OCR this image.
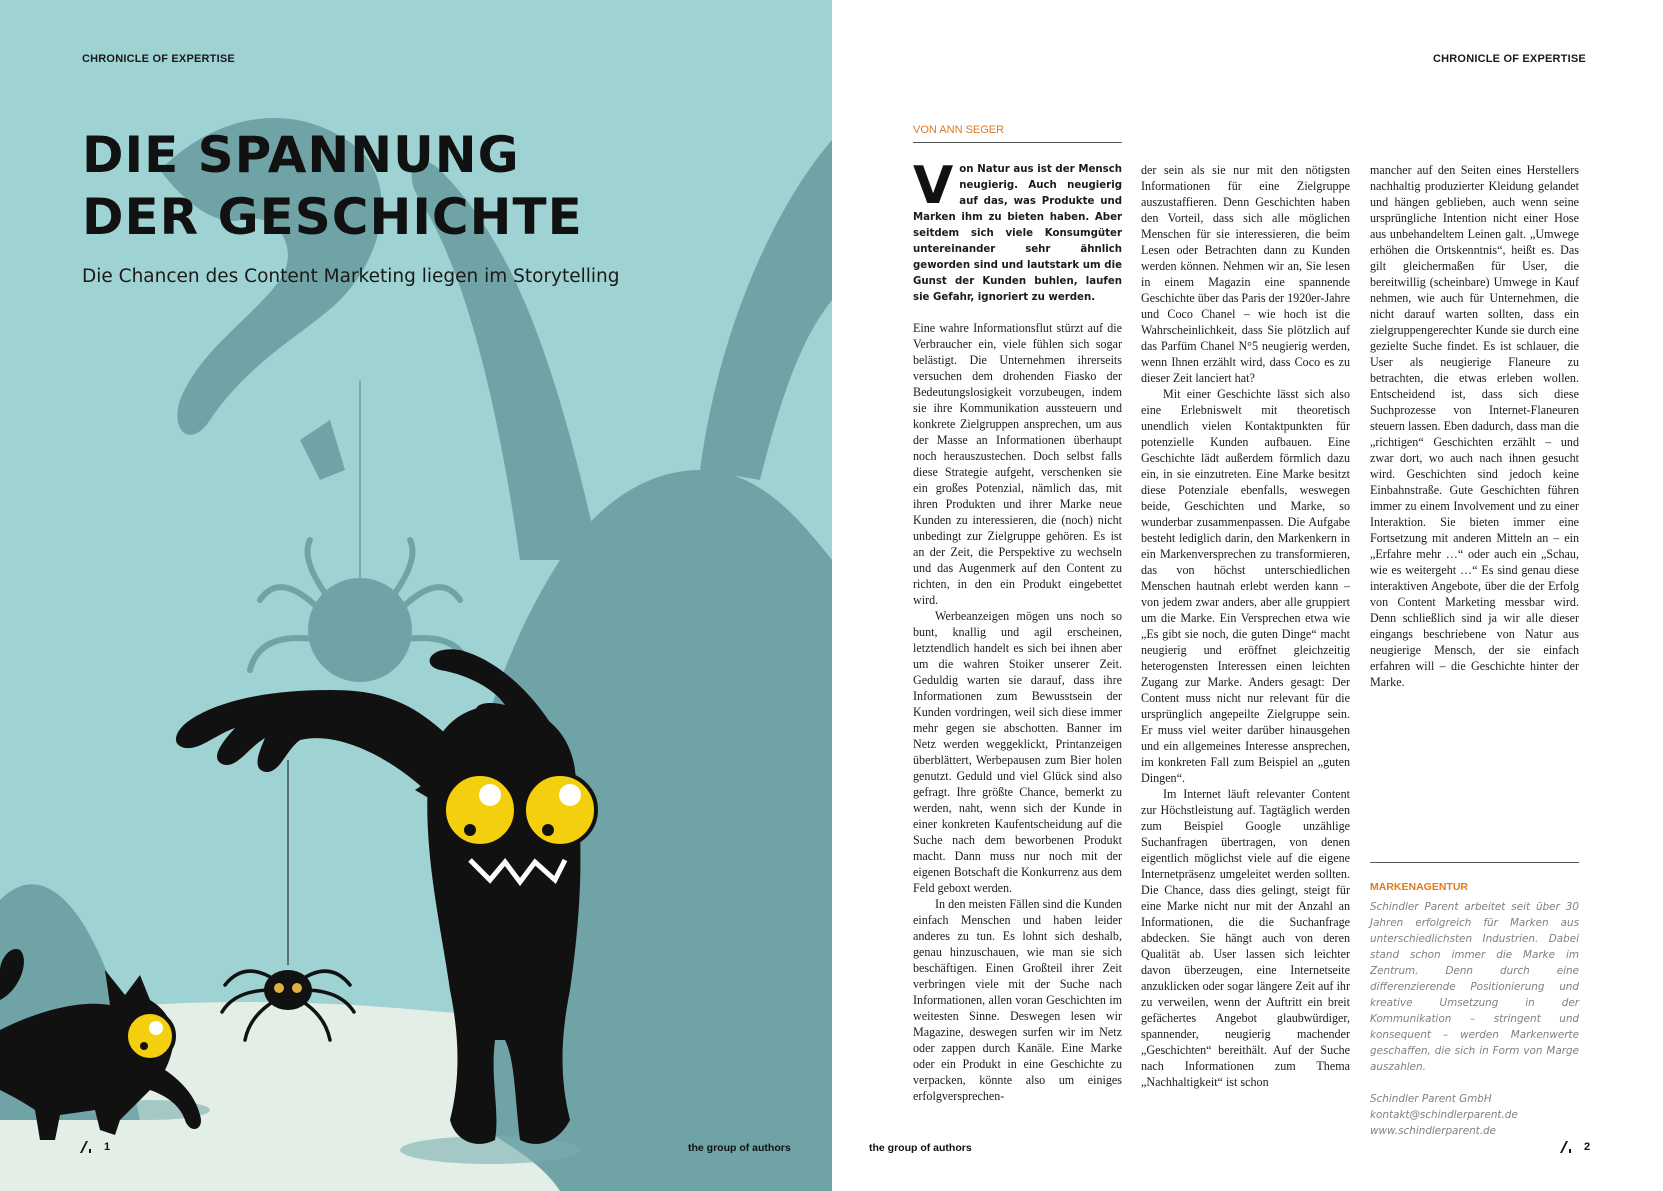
CHRONICLE OF EXPERTISE
DIE SPANNUNG
DER GESCHICHTE
Die Chancen des Content Marketing liegen im Storytelling
1	the group of authors
CHRONICLE OF EXPERTISE
VON ANN SEGER
Von Natur aus ist der Mensch neugierig. Auch neugierig auf das, was Produkte und Marken ihm zu bieten haben. Aber seitdem sich viele Konsumgüter untereinander sehr ähnlich geworden sind und lautstark um die Gunst der Kunden buhlen, laufen sie Gefahr, ignoriert zu werden.

Eine wahre Informationsflut stürzt auf die Verbraucher ein, viele fühlen sich sogar belästigt. Die Unternehmen ihrerseits versuchen dem drohenden Fiasko der Bedeutungslosigkeit vorzubeugen, indem sie ihre Kommunikation aussteuern und konkrete Zielgruppen ansprechen, um aus der Masse an Informationen überhaupt noch herauszustechen. Doch selbst falls diese Strategie aufgeht, verschenken sie ein großes Potenzial, nämlich das, mit ihren Produkten und ihrer Marke neue Kunden zu interessieren, die (noch) nicht unbedingt zur Zielgruppe gehören. Es ist an der Zeit, die Perspektive zu wechseln und das Augenmerk auf den Content zu richten, in den ein Produkt eingebettet wird.

Werbeanzeigen mögen uns noch so bunt, knallig und agil erscheinen, letztendlich handelt es sich bei ihnen aber um die wahren Stoiker unserer Zeit. Geduldig warten sie darauf, dass ihre Informationen zum Bewusstsein der Kunden vordringen, weil sich diese immer mehr gegen sie abschotten. Banner im Netz werden weggeklickt, Printanzeigen überblättert, Werbepausen zum Bier holen genutzt. Geduld und viel Glück sind also gefragt. Ihre größte Chance, bemerkt zu werden, naht, wenn sich der Kunde in einer konkreten Kaufentscheidung auf die Suche nach dem beworbenen Produkt macht. Dann muss nur noch mit der eigenen Botschaft die Konkurrenz aus dem Feld geboxt werden.

In den meisten Fällen sind die Kunden einfach Menschen und haben leider anderes zu tun. Es lohnt sich deshalb, genau hinzuschauen, wie man sie sich beschäftigen. Einen Großteil ihrer Zeit verbringen viele mit der Suche nach Informationen, allen voran Geschichten im weitesten Sinne. Deswegen lesen wir Magazine, deswegen surfen wir im Netz oder zappen durch Kanäle. Eine Marke oder ein Produkt in eine Geschichte zu verpacken, könnte also um einiges erfolgversprechen-

der sein als sie nur mit den nötigsten Informationen für eine Zielgruppe auszustaffieren. Denn Geschichten haben den Vorteil, dass sich alle möglichen Menschen für sie interessieren, die beim Lesen oder Betrachten dann zu Kunden werden können. Nehmen wir an, Sie lesen in einem Magazin eine spannende Geschichte über das Paris der 1920er-Jahre und Coco Chanel – wie hoch ist die Wahrscheinlichkeit, dass Sie plötzlich auf das Parfüm Chanel N°5 neugierig werden, wenn Ihnen erzählt wird, dass Coco es zu dieser Zeit lanciert hat?

Mit einer Geschichte lässt sich also eine Erlebniswelt mit theoretisch unendlich vielen Kontaktpunkten für potenzielle Kunden aufbauen. Eine Geschichte lädt außerdem förmlich dazu ein, in sie einzutreten. Eine Marke besitzt diese Potenziale ebenfalls, weswegen beide, Geschichten und Marke, so wunderbar zusammenpassen. Die Aufgabe besteht lediglich darin, den Markenkern in ein Markenversprechen zu transformieren, das von höchst unterschiedlichen Menschen hautnah erlebt werden kann – von jedem zwar anders, aber alle gruppiert um die Marke. Ein Versprechen etwa wie „Es gibt sie noch, die guten Dinge“ macht neugierig und eröffnet gleichzeitig heterogensten Interessen einen leichten Zugang zur Marke. Anders gesagt: Der Content muss nicht nur relevant für die ursprünglich angepeilte Zielgruppe sein. Er muss viel weiter darüber hinausgehen und ein allgemeines Interesse ansprechen, im konkreten Fall zum Beispiel an „guten Dingen“.

Im Internet läuft relevanter Content zur Höchstleistung auf. Tagtäglich werden zum Beispiel Google unzählige Suchanfragen übertragen, von denen eigentlich möglichst viele auf die eigene Internetpräsenz umgeleitet werden sollten. Die Chance, dass dies gelingt, steigt für eine Marke nicht nur mit der Anzahl an Informationen, die die Suchanfrage abdecken. Sie hängt auch von deren Qualität ab. User lassen sich leichter davon überzeugen, eine Internetseite anzuklicken oder sogar längere Zeit auf ihr zu verweilen, wenn der Auftritt ein breit gefächertes Angebot glaubwürdiger, spannender, neugierig machender „Geschichten“ bereithält. Auf der Suche nach Informationen zum Thema „Nachhaltigkeit“ ist schon

mancher auf den Seiten eines Herstellers nachhaltig produzierter Kleidung gelandet und hängen geblieben, auch wenn seine ursprüngliche Intention nicht einer Hose aus unbehandeltem Leinen galt. „Umwege erhöhen die Ortskenntnis“, heißt es. Das gilt gleichermaßen für User, die bereitwillig (scheinbare) Umwege in Kauf nehmen, wie auch für Unternehmen, die nicht darauf warten sollten, dass ein zielgruppengerechter Kunde sie durch eine gezielte Suche findet. Es ist schlauer, die User als neugierige Flaneure zu betrachten, die etwas erleben wollen. Entscheidend ist, dass sich diese Suchprozesse von Internet-Flaneuren steuern lassen. Eben dadurch, dass man die „richtigen“ Geschichten erzählt – und zwar dort, wo auch nach ihnen gesucht wird. Geschichten sind jedoch keine Einbahnstraße. Gute Geschichten führen immer zu einem Involvement und zu einer Interaktion. Sie bieten immer eine Fortsetzung mit anderen Mitteln an – ein „Erfahre mehr …“ oder auch ein „Schau, wie es weitergeht …“ Es sind genau diese interaktiven Angebote, über die der Erfolg von Content Marketing messbar wird. Denn schließlich sind ja wir alle dieser eingangs beschriebene von Natur aus neugierige Mensch, der sie einfach erfahren will – die Geschichte hinter der Marke.

MARKENAGENTUR
Schindler Parent arbeitet seit über 30 Jahren erfolgreich für Marken aus unterschiedlichsten Industrien. Dabei stand schon immer die Marke im Zentrum. Denn durch eine differenzierende Positionierung und kreative Umsetzung in der Kommunikation – stringent und konsequent – werden Markenwerte geschaffen, die sich in Form von Marge auszahlen.
Schindler Parent GmbH
kontakt@schindlerparent.de
www.schindlerparent.de
the group of authors	2
